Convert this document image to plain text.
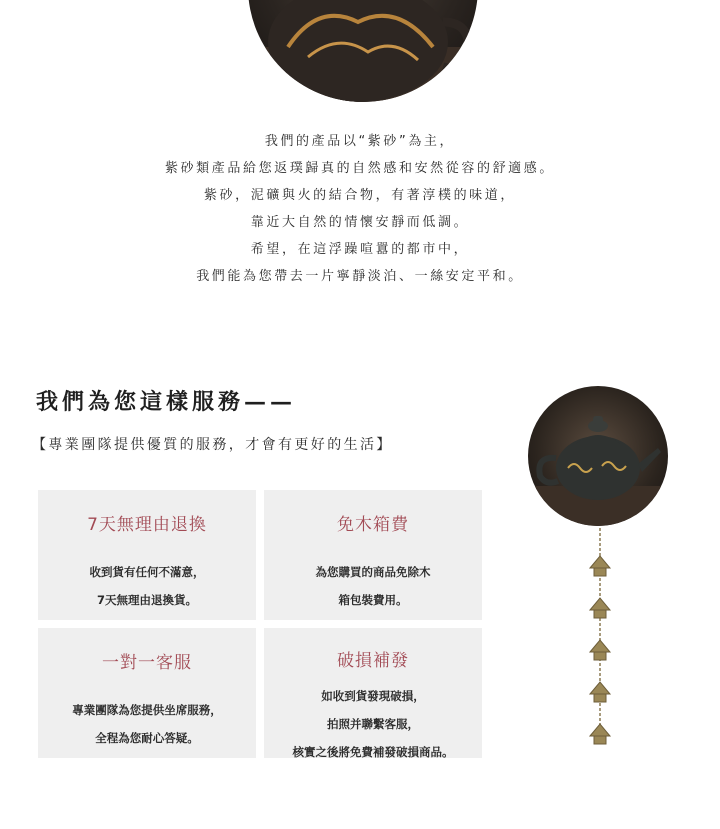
我們的產品以“紫砂”為主，

紫砂類產品給您返璞歸真的自然感和安然從容的舒適感。

紫砂，泥礦與火的結合物，有著淳樸的味道，

靠近大自然的情懷安靜而低調。

希望，在這浮躁喧囂的都市中，

我們能為您帶去一片寧靜淡泊、一絲安定平和。

我們為您這樣服務——

【專業團隊提供優質的服務，才會有更好的生活】

7天無理由退換

收到貨有任何不滿意，

7天無理由退換貨。

免木箱費

為您購買的商品免除木

箱包裝費用。

一對一客服

專業團隊為您提供坐席服務，

全程為您耐心答疑。

破損補發

如收到貨發現破損，

拍照并聯繫客服，

核實之後將免費補發破損商品。
